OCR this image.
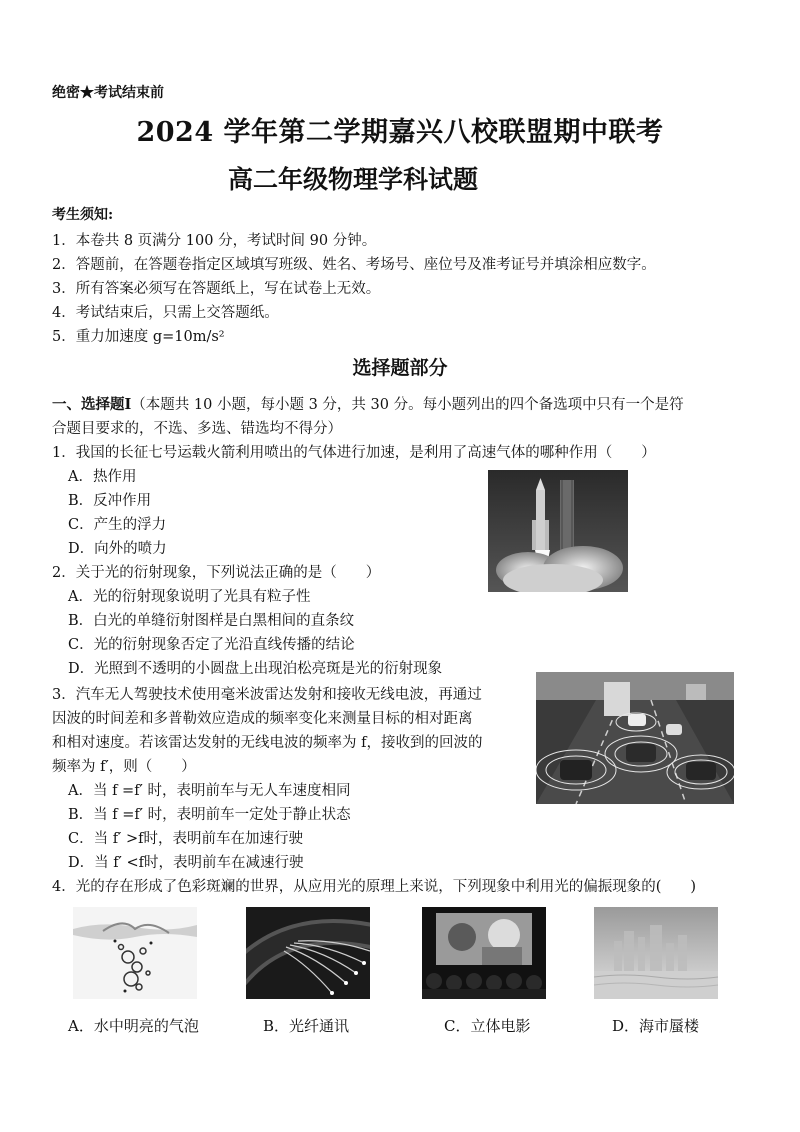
绝密★考试结束前
2024 学年第二学期嘉兴八校联盟期中联考
高二年级物理学科试题
考生须知:
1．本卷共 8 页满分 100 分，考试时间 90 分钟。
2．答题前，在答题卷指定区域填写班级、姓名、考场号、座位号及准考证号并填涂相应数字。
3．所有答案必须写在答题纸上，写在试卷上无效。
4．考试结束后，只需上交答题纸。
5．重力加速度 g=10m/s²
选择题部分
一、选择题Ⅰ（本题共 10 小题，每小题 3 分，共 30 分。每小题列出的四个备选项中只有一个是符
合题目要求的，不选、多选、错选均不得分）
1．我国的长征七号运载火箭利用喷出的气体进行加速，是利用了高速气体的哪种作用（　　）
A．热作用
B．反冲作用
C．产生的浮力
D．向外的喷力
2．关于光的衍射现象，下列说法正确的是（　　）
A．光的衍射现象说明了光具有粒子性
B．白光的单缝衍射图样是白黑相间的直条纹
C．光的衍射现象否定了光沿直线传播的结论
D．光照到不透明的小圆盘上出现泊松亮斑是光的衍射现象
3．汽车无人驾驶技术使用毫米波雷达发射和接收无线电波，再通过
因波的时间差和多普勒效应造成的频率变化来测量目标的相对距离
和相对速度。若该雷达发射的无线电波的频率为 f，接收到的回波的
频率为 f′，则（　　）
A．当 f =f′ 时，表明前车与无人车速度相同
B．当 f =f′ 时，表明前车一定处于静止状态
C．当 f′ >f时，表明前车在加速行驶
D．当 f′ <f时，表明前车在减速行驶
4．光的存在形成了色彩斑斓的世界，从应用光的原理上来说，下列现象中利用光的偏振现象的(　　)
A．水中明亮的气泡	B．光纤通讯	C．立体电影	D．海市蜃楼
